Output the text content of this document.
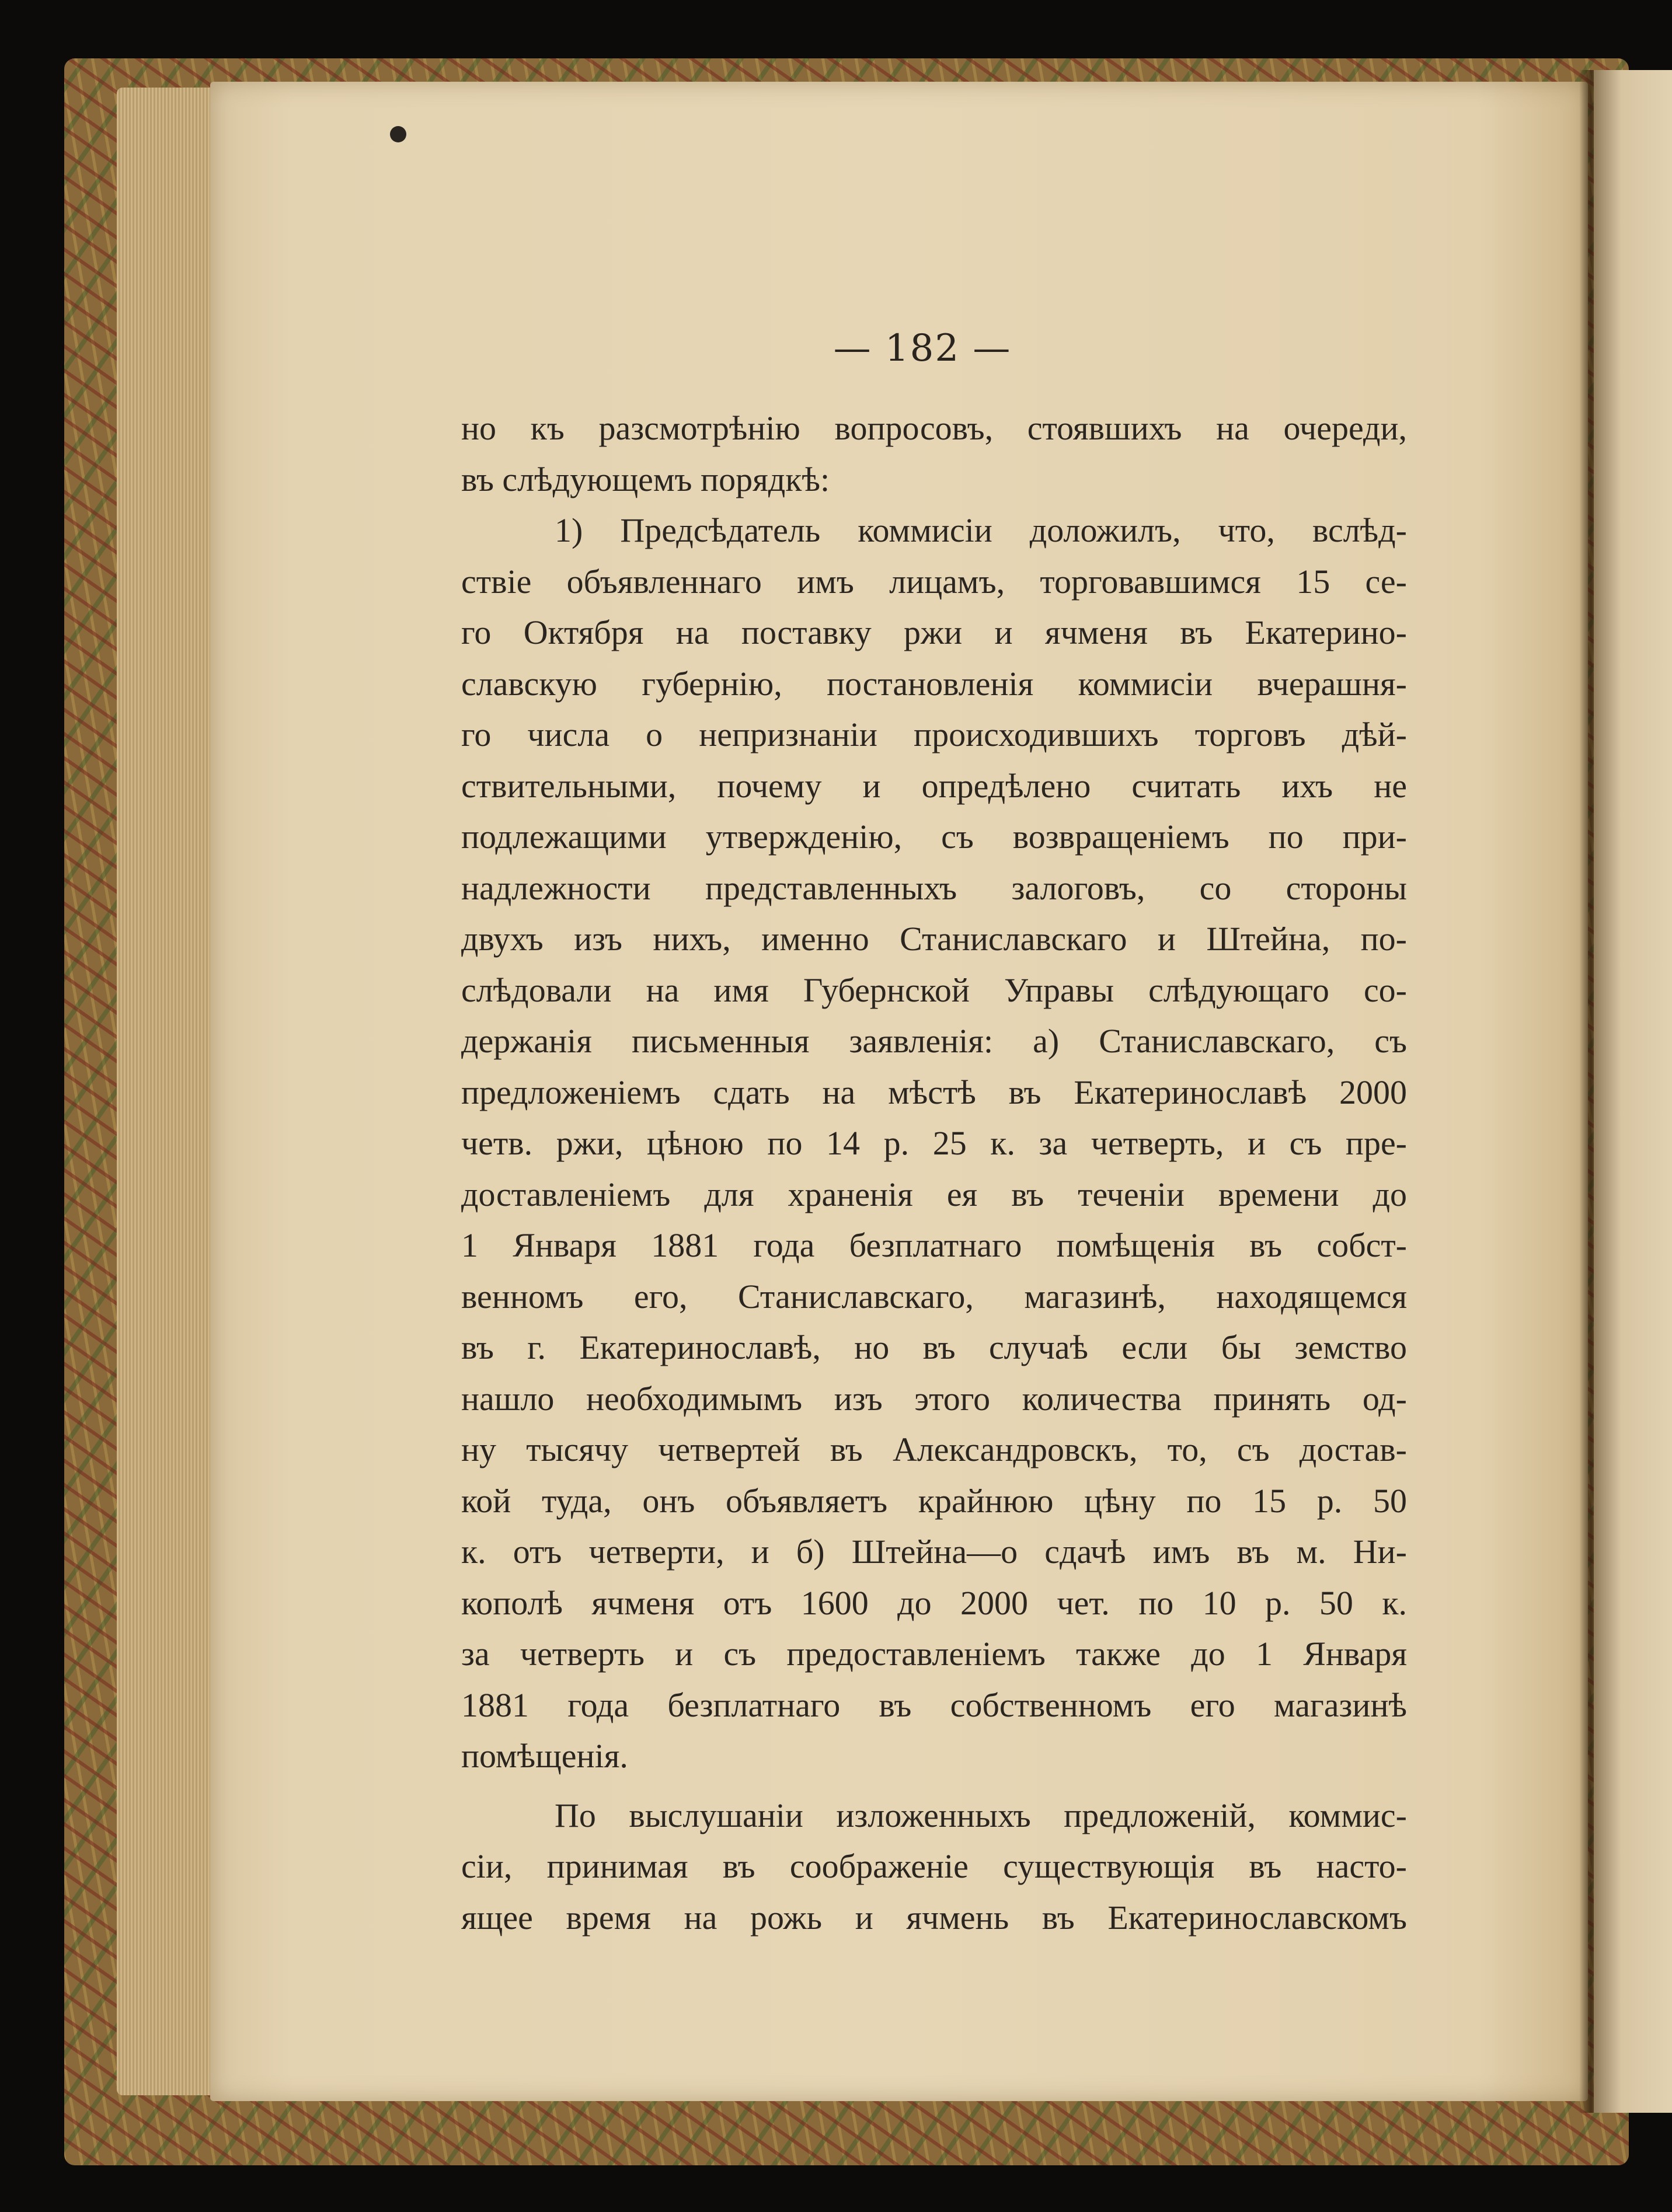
— 182 —
но къ разсмотрѣнію вопросовъ, стоявшихъ на очереди,
въ слѣдующемъ порядкѣ:
1) Предсѣдатель коммисіи доложилъ, что, вслѣд-
ствіе объявленнаго имъ лицамъ, торговавшимся 15 се-
го Октября на поставку ржи и ячменя въ Екатерино-
славскую губернію, постановленія коммисіи вчерашня-
го числа о непризнаніи происходившихъ торговъ дѣй-
ствительными, почему и опредѣлено считать ихъ не
подлежащими утвержденію, съ возвращеніемъ по при-
надлежности представленныхъ залоговъ, со стороны
двухъ изъ нихъ, именно Станиславскаго и Штейна, по-
слѣдовали на имя Губернской Управы слѣдующаго со-
держанія письменныя заявленія: а) Станиславскаго, съ
предложеніемъ сдать на мѣстѣ въ Екатеринославѣ 2000
четв. ржи, цѣною по 14 р. 25 к. за четверть, и съ пре-
доставленіемъ для храненія ея въ теченіи времени до
1 Января 1881 года безплатнаго помѣщенія въ собст-
венномъ его, Станиславскаго, магазинѣ, находящемся
въ г. Екатеринославѣ, но въ случаѣ если бы земство
нашло необходимымъ изъ этого количества принять од-
ну тысячу четвертей въ Александровскъ, то, съ достав-
кой туда, онъ объявляетъ крайнюю цѣну по 15 р. 50
к. отъ четверти, и б) Штейна—о сдачѣ имъ въ м. Ни-
кополѣ ячменя отъ 1600 до 2000 чет. по 10 р. 50 к.
за четверть и съ предоставленіемъ также до 1 Января
1881 года безплатнаго въ собственномъ его магазинѣ
помѣщенія.
По выслушаніи изложенныхъ предложеній, коммис-
сіи, принимая въ соображеніе существующія въ насто-
ящее время на рожь и ячмень въ Екатеринославскомъ
